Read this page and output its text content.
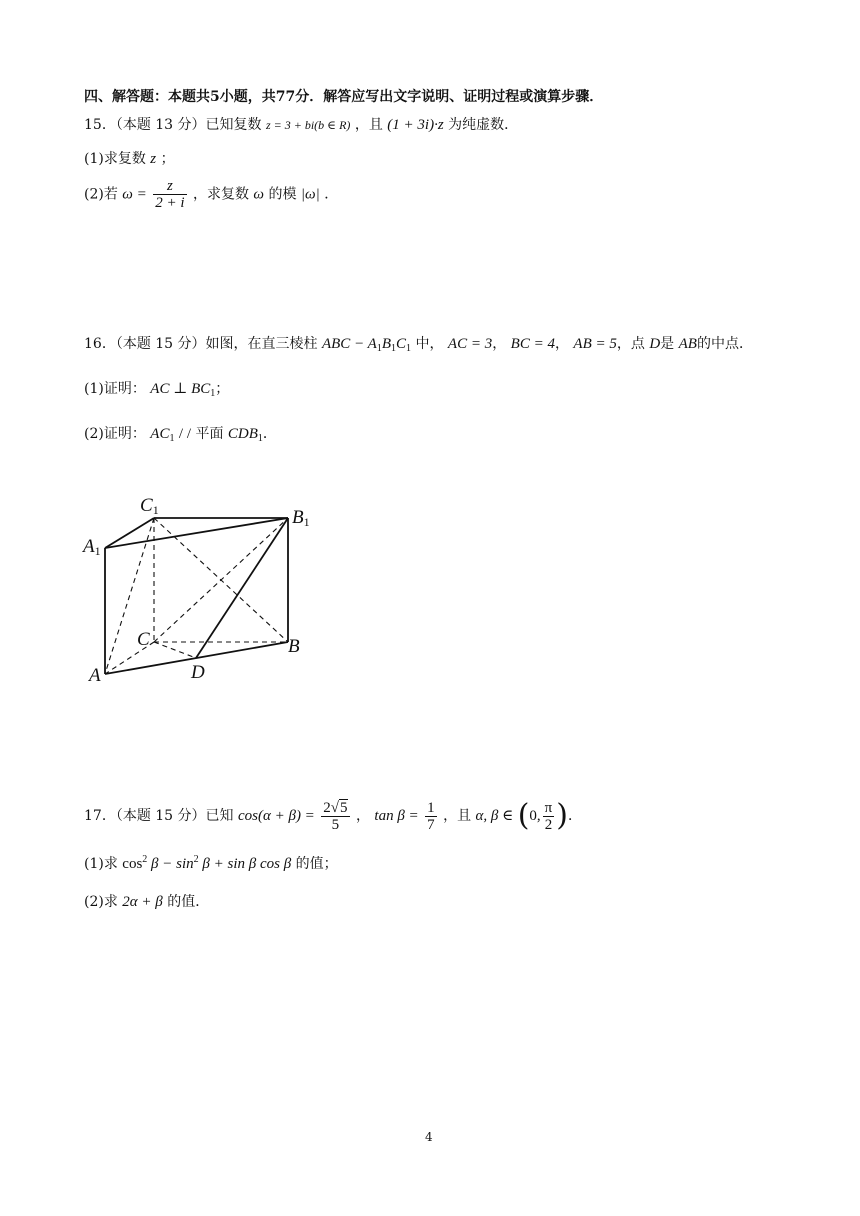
四、解答题：本题共5小题，共77分．解答应写出文字说明、证明过程或演算步骤．
15．（本题 13 分）已知复数 z = 3 + bi(b ∈ R) ，且 (1 + 3i)·z 为纯虚数．
(1)求复数 z ；
(2)若 $\omega = \frac{z}{2 + i}$ ，求复数 ω 的模 |ω| ．
16．（本题 15 分）如图，在直三棱柱 ABC − $A_1B_1C_1$ 中， AC = 3， BC = 4， AB = 5，点 D是 AB的中点．
(1)证明： AC ⊥ $BC_1$；
(2)证明： $AC_1$ / / 平面 $CDB_1$．
C1	B1
A1
C	B
A	D
17．（本题 15 分）已知 $\cos(\alpha + \beta) = \frac{2√5}{5}$ ， $\tan \beta = \frac{1}{7}$ ，且 α, β ∈ (0, $\frac{\pi}{2}$ )．
(1)求 $\cos^2 \beta - \sin^2 \beta + \sin \beta$ cos β 的值；
(2)求 2α + β 的值．
4
